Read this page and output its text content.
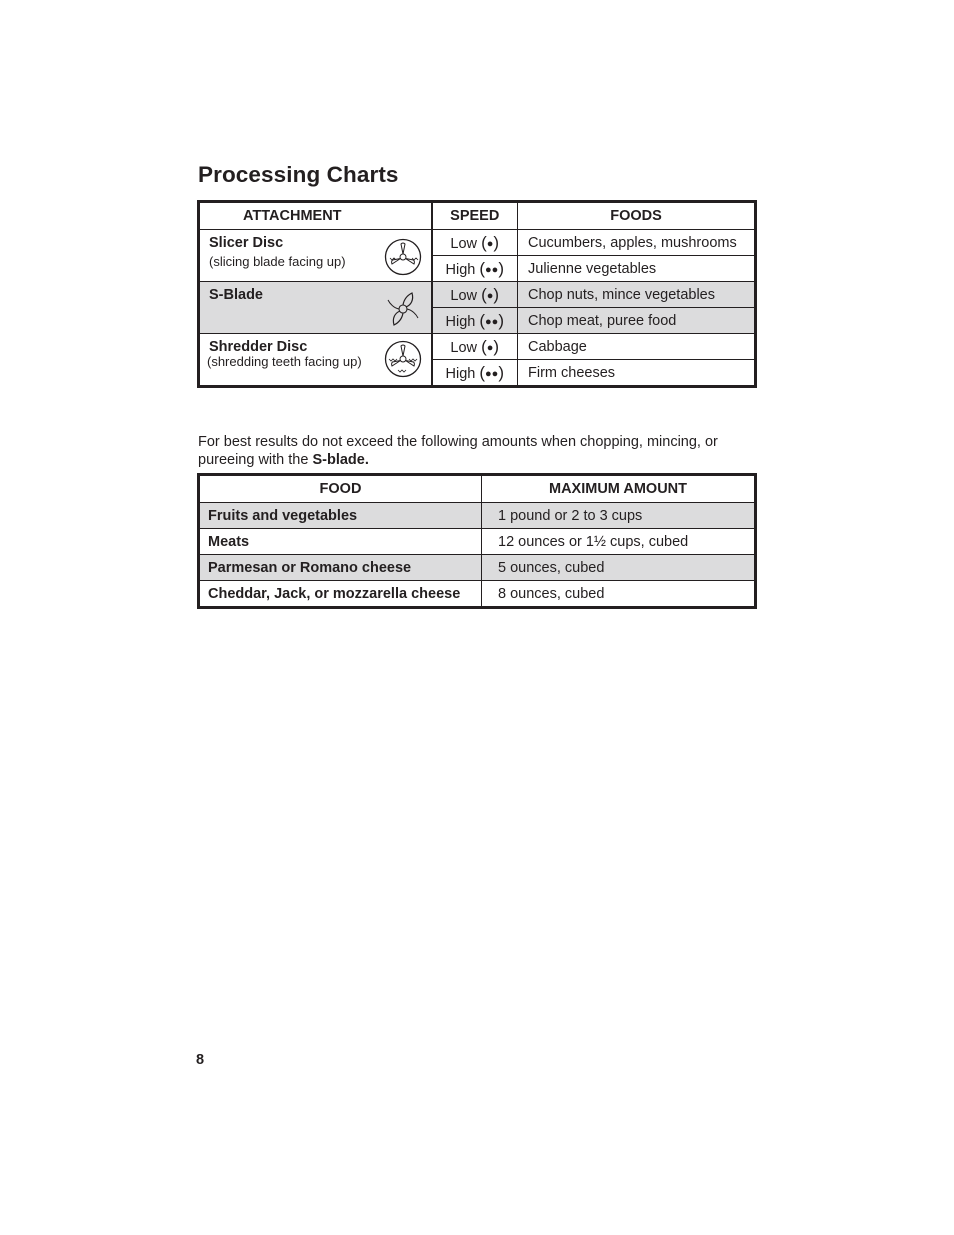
Processing Charts
ATTACHMENT	SPEED	FOODS

Slicer Disc
(slicing blade facing up)	Low (●)	Cucumbers, apples, mushrooms
	High (●●)	Julienne vegetables

S-Blade	Low (●)	Chop nuts, mince vegetables
	High (●●)	Chop meat, puree food

Shredder Disc
(shredding teeth facing up)	Low (●)	Cabbage
	High (●●)	Firm cheeses

For best results do not exceed the following amounts when chopping, mincing, or pureeing with the S-blade.

FOOD	MAXIMUM AMOUNT
Fruits and vegetables	1 pound or 2 to 3 cups
Meats	12 ounces or 1½ cups, cubed
Parmesan or Romano cheese	5 ounces, cubed
Cheddar, Jack, or mozzarella cheese	8 ounces, cubed

8
